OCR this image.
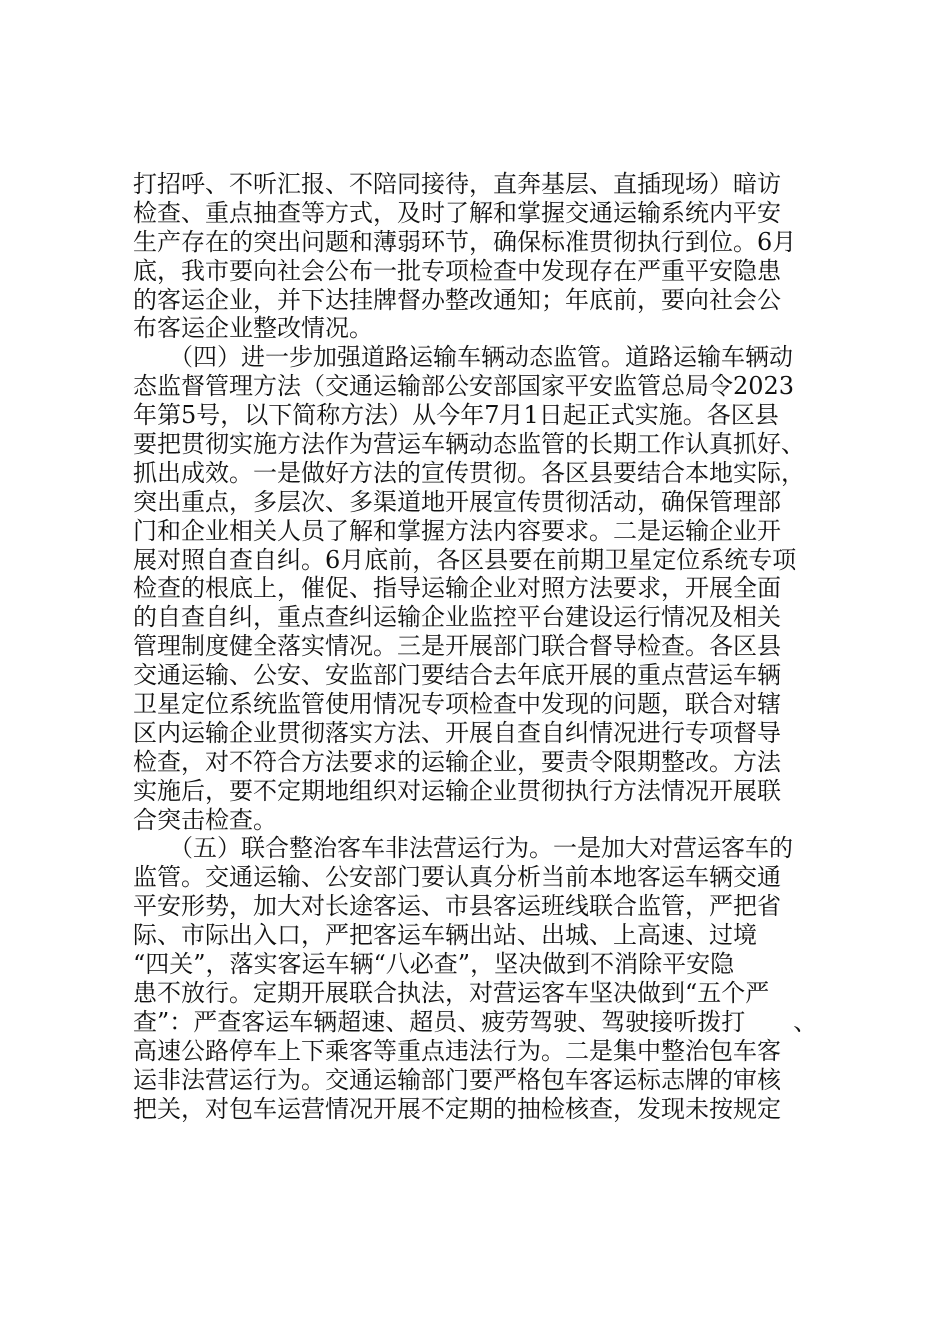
打招呼、不听汇报、不陪同接待，直奔基层、直插现场）暗访
检查、重点抽查等方式，及时了解和掌握交通运输系统内平安
生产存在的突出问题和薄弱环节，确保标准贯彻执行到位。6月
底，我市要向社会公布一批专项检查中发现存在严重平安隐患
的客运企业，并下达挂牌督办整改通知；年底前，要向社会公
布客运企业整改情况。
　　（四）进一步加强道路运输车辆动态监管。道路运输车辆动
态监督管理方法（交通运输部公安部国家平安监管总局令2023
年第5号，以下简称方法）从今年7月1日起正式实施。各区县
要把贯彻实施方法作为营运车辆动态监管的长期工作认真抓好、
抓出成效。一是做好方法的宣传贯彻。各区县要结合本地实际，
突出重点，多层次、多渠道地开展宣传贯彻活动，确保管理部
门和企业相关人员了解和掌握方法内容要求。二是运输企业开
展对照自查自纠。6月底前，各区县要在前期卫星定位系统专项
检查的根底上，催促、指导运输企业对照方法要求，开展全面
的自查自纠，重点查纠运输企业监控平台建设运行情况及相关
管理制度健全落实情况。三是开展部门联合督导检查。各区县
交通运输、公安、安监部门要结合去年底开展的重点营运车辆
卫星定位系统监管使用情况专项检查中发现的问题，联合对辖
区内运输企业贯彻落实方法、开展自查自纠情况进行专项督导
检查，对不符合方法要求的运输企业，要责令限期整改。方法
实施后，要不定期地组织对运输企业贯彻执行方法情况开展联
合突击检查。
　　（五）联合整治客车非法营运行为。一是加大对营运客车的
监管。交通运输、公安部门要认真分析当前本地客运车辆交通
平安形势，加大对长途客运、市县客运班线联合监管，严把省
际、市际出入口，严把客运车辆出站、出城、上高速、过境
“四关”，落实客运车辆“八必查”，坚决做到不消除平安隐
患不放行。定期开展联合执法，对营运客车坚决做到“五个严
查”：严查客运车辆超速、超员、疲劳驾驶、驾驶接听拨打　　、
高速公路停车上下乘客等重点违法行为。二是集中整治包车客
运非法营运行为。交通运输部门要严格包车客运标志牌的审核
把关，对包车运营情况开展不定期的抽检核查，发现未按规定
